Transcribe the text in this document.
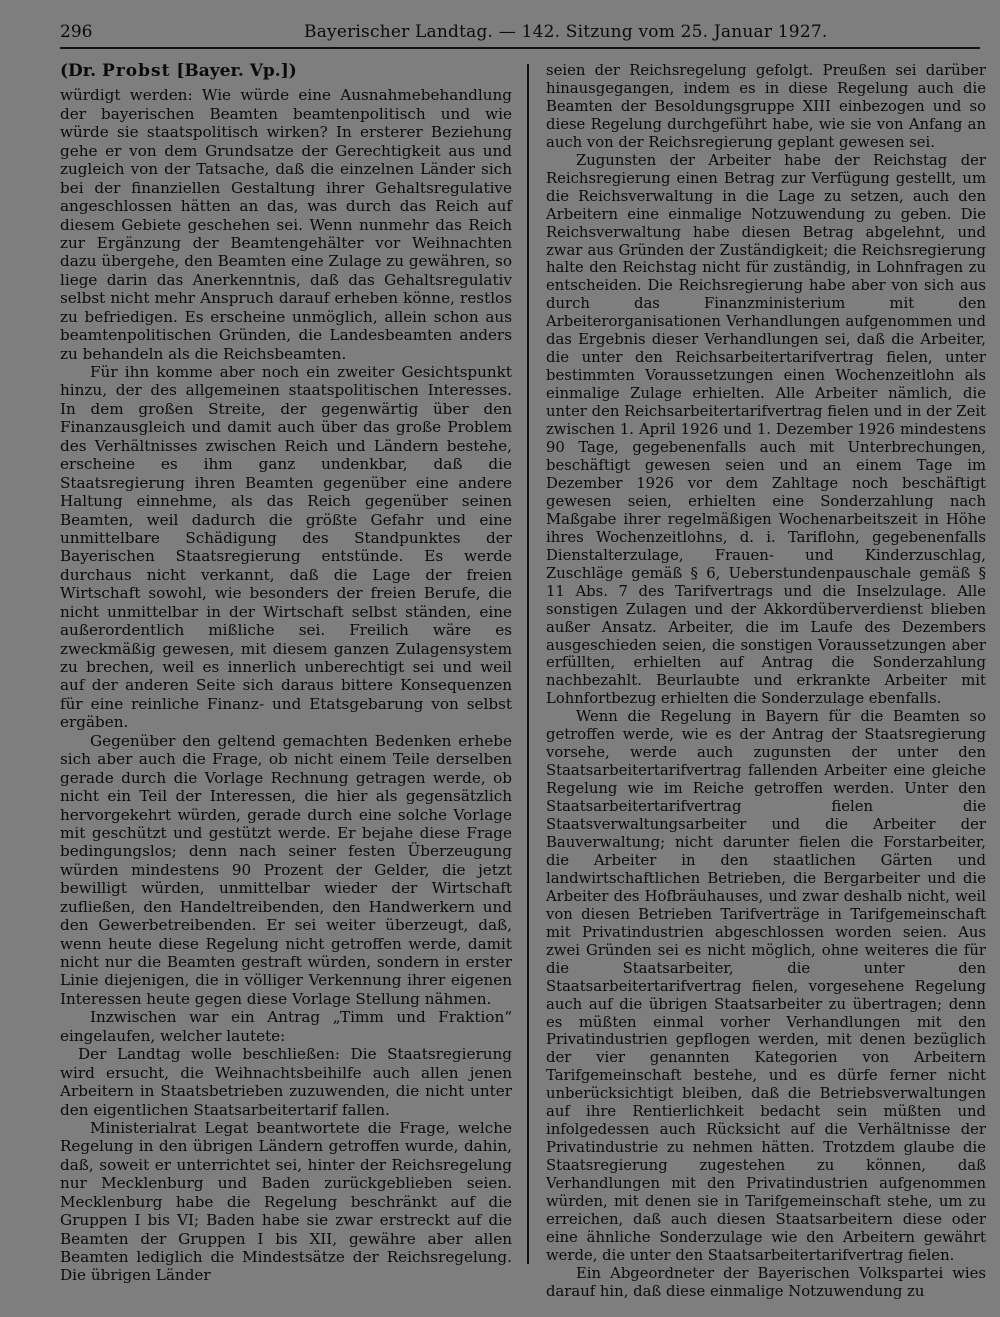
296	Bayerischer Landtag. — 142. Sitzung vom 25. Januar 1927.
(Dr. Probst [Bayer. Vp.])

würdigt werden: Wie würde eine Ausnahmebehandlung der bayerischen Beamten beamtenpolitisch und wie würde sie staatspolitisch wirken? In ersterer Beziehung gehe er von dem Grundsatze der Gerechtigkeit aus und zugleich von der Tatsache, daß die einzelnen Länder sich bei der finanziellen Gestaltung ihrer Gehaltsregulative angeschlossen hätten an das, was durch das Reich auf diesem Gebiete geschehen sei. Wenn nunmehr das Reich zur Ergänzung der Beamtengehälter vor Weihnachten dazu übergehe, den Beamten eine Zulage zu gewähren, so liege darin das Anerkenntnis, daß das Gehaltsregulativ selbst nicht mehr Anspruch darauf erheben könne, restlos zu befriedigen. Es erscheine unmöglich, allein schon aus beamtenpolitischen Gründen, die Landesbeamten anders zu behandeln als die Reichsbeamten.

Für ihn komme aber noch ein zweiter Gesichtspunkt hinzu, der des allgemeinen staatspolitischen Interesses. In dem großen Streite, der gegenwärtig über den Finanzausgleich und damit auch über das große Problem des Verhältnisses zwischen Reich und Ländern bestehe, erscheine es ihm ganz undenkbar, daß die Staatsregierung ihren Beamten gegenüber eine andere Haltung einnehme, als das Reich gegenüber seinen Beamten, weil dadurch die größte Gefahr und eine unmittelbare Schädigung des Standpunktes der Bayerischen Staatsregierung entstünde. Es werde durchaus nicht verkannt, daß die Lage der freien Wirtschaft sowohl, wie besonders der freien Berufe, die nicht unmittelbar in der Wirtschaft selbst ständen, eine außerordentlich mißliche sei. Freilich wäre es zweckmäßig gewesen, mit diesem ganzen Zulagensystem zu brechen, weil es innerlich unberechtigt sei und weil auf der anderen Seite sich daraus bittere Konsequenzen für eine reinliche Finanz- und Etatsgebarung von selbst ergäben.

Gegenüber den geltend gemachten Bedenken erhebe sich aber auch die Frage, ob nicht einem Teile derselben gerade durch die Vorlage Rechnung getragen werde, ob nicht ein Teil der Interessen, die hier als gegensätzlich hervorgekehrt würden, gerade durch eine solche Vorlage mit geschützt und gestützt werde. Er bejahe diese Frage bedingungslos; denn nach seiner festen Überzeugung würden mindestens 90 Prozent der Gelder, die jetzt bewilligt würden, unmittelbar wieder der Wirtschaft zufließen, den Handeltreibenden, den Handwerkern und den Gewerbetreibenden. Er sei weiter überzeugt, daß, wenn heute diese Regelung nicht getroffen werde, damit nicht nur die Beamten gestraft würden, sondern in erster Linie diejenigen, die in völliger Verkennung ihrer eigenen Interessen heute gegen diese Vorlage Stellung nähmen.

Inzwischen war ein Antrag „Timm und Fraktion“ eingelaufen, welcher lautete:

Der Landtag wolle beschließen: Die Staatsregierung wird ersucht, die Weihnachtsbeihilfe auch allen jenen Arbeitern in Staatsbetrieben zuzuwenden, die nicht unter den eigentlichen Staatsarbeitertarif fallen.

Ministerialrat Legat beantwortete die Frage, welche Regelung in den übrigen Ländern getroffen wurde, dahin, daß, soweit er unterrichtet sei, hinter der Reichsregelung nur Mecklenburg und Baden zurückgeblieben seien. Mecklenburg habe die Regelung beschränkt auf die Gruppen I bis VI; Baden habe sie zwar erstreckt auf die Beamten der Gruppen I bis XII, gewähre aber allen Beamten lediglich die Mindestsätze der Reichsregelung. Die übrigen Länder

seien der Reichsregelung gefolgt. Preußen sei darüber hinausgegangen, indem es in diese Regelung auch die Beamten der Besoldungsgruppe XIII einbezogen und so diese Regelung durchgeführt habe, wie sie von Anfang an auch von der Reichsregierung geplant gewesen sei.

Zugunsten der Arbeiter habe der Reichstag der Reichsregierung einen Betrag zur Verfügung gestellt, um die Reichsverwaltung in die Lage zu setzen, auch den Arbeitern eine einmalige Notzuwendung zu geben. Die Reichsverwaltung habe diesen Betrag abgelehnt, und zwar aus Gründen der Zuständigkeit; die Reichsregierung halte den Reichstag nicht für zuständig, in Lohnfragen zu entscheiden. Die Reichsregierung habe aber von sich aus durch das Finanzministerium mit den Arbeiterorganisationen Verhandlungen aufgenommen und das Ergebnis dieser Verhandlungen sei, daß die Arbeiter, die unter den Reichsarbeitertarifvertrag fielen, unter bestimmten Voraussetzungen einen Wochenzeitlohn als einmalige Zulage erhielten. Alle Arbeiter nämlich, die unter den Reichsarbeitertarifvertrag fielen und in der Zeit zwischen 1. April 1926 und 1. Dezember 1926 mindestens 90 Tage, gegebenenfalls auch mit Unterbrechungen, beschäftigt gewesen seien und an einem Tage im Dezember 1926 vor dem Zahltage noch beschäftigt gewesen seien, erhielten eine Sonderzahlung nach Maßgabe ihrer regelmäßigen Wochenarbeitszeit in Höhe ihres Wochenzeitlohns, d. i. Tariflohn, gegebenenfalls Dienstalterzulage, Frauen- und Kinderzuschlag, Zuschläge gemäß § 6, Ueberstundenpauschale gemäß § 11 Abs. 7 des Tarifvertrags und die Inselzulage. Alle sonstigen Zulagen und der Akkordüberverdienst blieben außer Ansatz. Arbeiter, die im Laufe des Dezembers ausgeschieden seien, die sonstigen Voraussetzungen aber erfüllten, erhielten auf Antrag die Sonderzahlung nachbezahlt. Beurlaubte und erkrankte Arbeiter mit Lohnfortbezug erhielten die Sonderzulage ebenfalls.

Wenn die Regelung in Bayern für die Beamten so getroffen werde, wie es der Antrag der Staatsregierung vorsehe, werde auch zugunsten der unter den Staatsarbeitertarifvertrag fallenden Arbeiter eine gleiche Regelung wie im Reiche getroffen werden. Unter den Staatsarbeitertarifvertrag fielen die Staatsverwaltungsarbeiter und die Arbeiter der Bauverwaltung; nicht darunter fielen die Forstarbeiter, die Arbeiter in den staatlichen Gärten und landwirtschaftlichen Betrieben, die Bergarbeiter und die Arbeiter des Hofbräuhauses, und zwar deshalb nicht, weil von diesen Betrieben Tarifverträge in Tarifgemeinschaft mit Privatindustrien abgeschlossen worden seien. Aus zwei Gründen sei es nicht möglich, ohne weiteres die für die Staatsarbeiter, die unter den Staatsarbeitertarifvertrag fielen, vorgesehene Regelung auch auf die übrigen Staatsarbeiter zu übertragen; denn es müßten einmal vorher Verhandlungen mit den Privatindustrien gepflogen werden, mit denen bezüglich der vier genannten Kategorien von Arbeitern Tarifgemeinschaft bestehe, und es dürfe ferner nicht unberücksichtigt bleiben, daß die Betriebsverwaltungen auf ihre Rentierlichkeit bedacht sein müßten und infolgedessen auch Rücksicht auf die Verhältnisse der Privatindustrie zu nehmen hätten. Trotzdem glaube die Staatsregierung zugestehen zu können, daß Verhandlungen mit den Privatindustrien aufgenommen würden, mit denen sie in Tarifgemeinschaft stehe, um zu erreichen, daß auch diesen Staatsarbeitern diese oder eine ähnliche Sonderzulage wie den Arbeitern gewährt werde, die unter den Staatsarbeitertarifvertrag fielen.

Ein Abgeordneter der Bayerischen Volkspartei wies darauf hin, daß diese einmalige Notzuwendung zu
